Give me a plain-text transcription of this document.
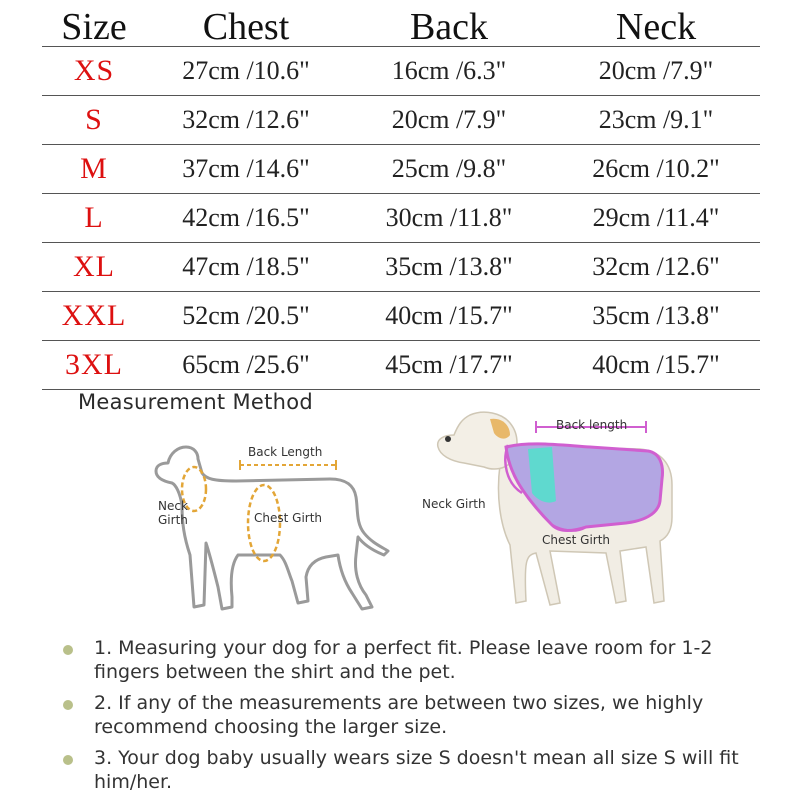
Size	Chest	Back	Neck
XS	27cm /10.6"	16cm /6.3"	20cm /7.9"
S	32cm /12.6"	20cm /7.9"	23cm /9.1"
M	37cm /14.6"	25cm /9.8"	26cm /10.2"
L	42cm /16.5"	30cm /11.8"	29cm /11.4"
XL	47cm /18.5"	35cm /13.8"	32cm /12.6"
XXL	52cm /20.5"	40cm /15.7"	35cm /13.8"
3XL	65cm /25.6"	45cm /17.7"	40cm /15.7"
Measurement Method
Back Length
Neck
Girth	Chest Girth
Back length
Neck Girth
Chest Girth
1. Measuring your dog for a perfect fit. Please leave room for 1-2 fingers between the shirt and the pet.
2. If any of the measurements are between two sizes, we highly recommend choosing the larger size.
3. Your dog baby usually wears size S doesn't mean all size S will fit him/her.
